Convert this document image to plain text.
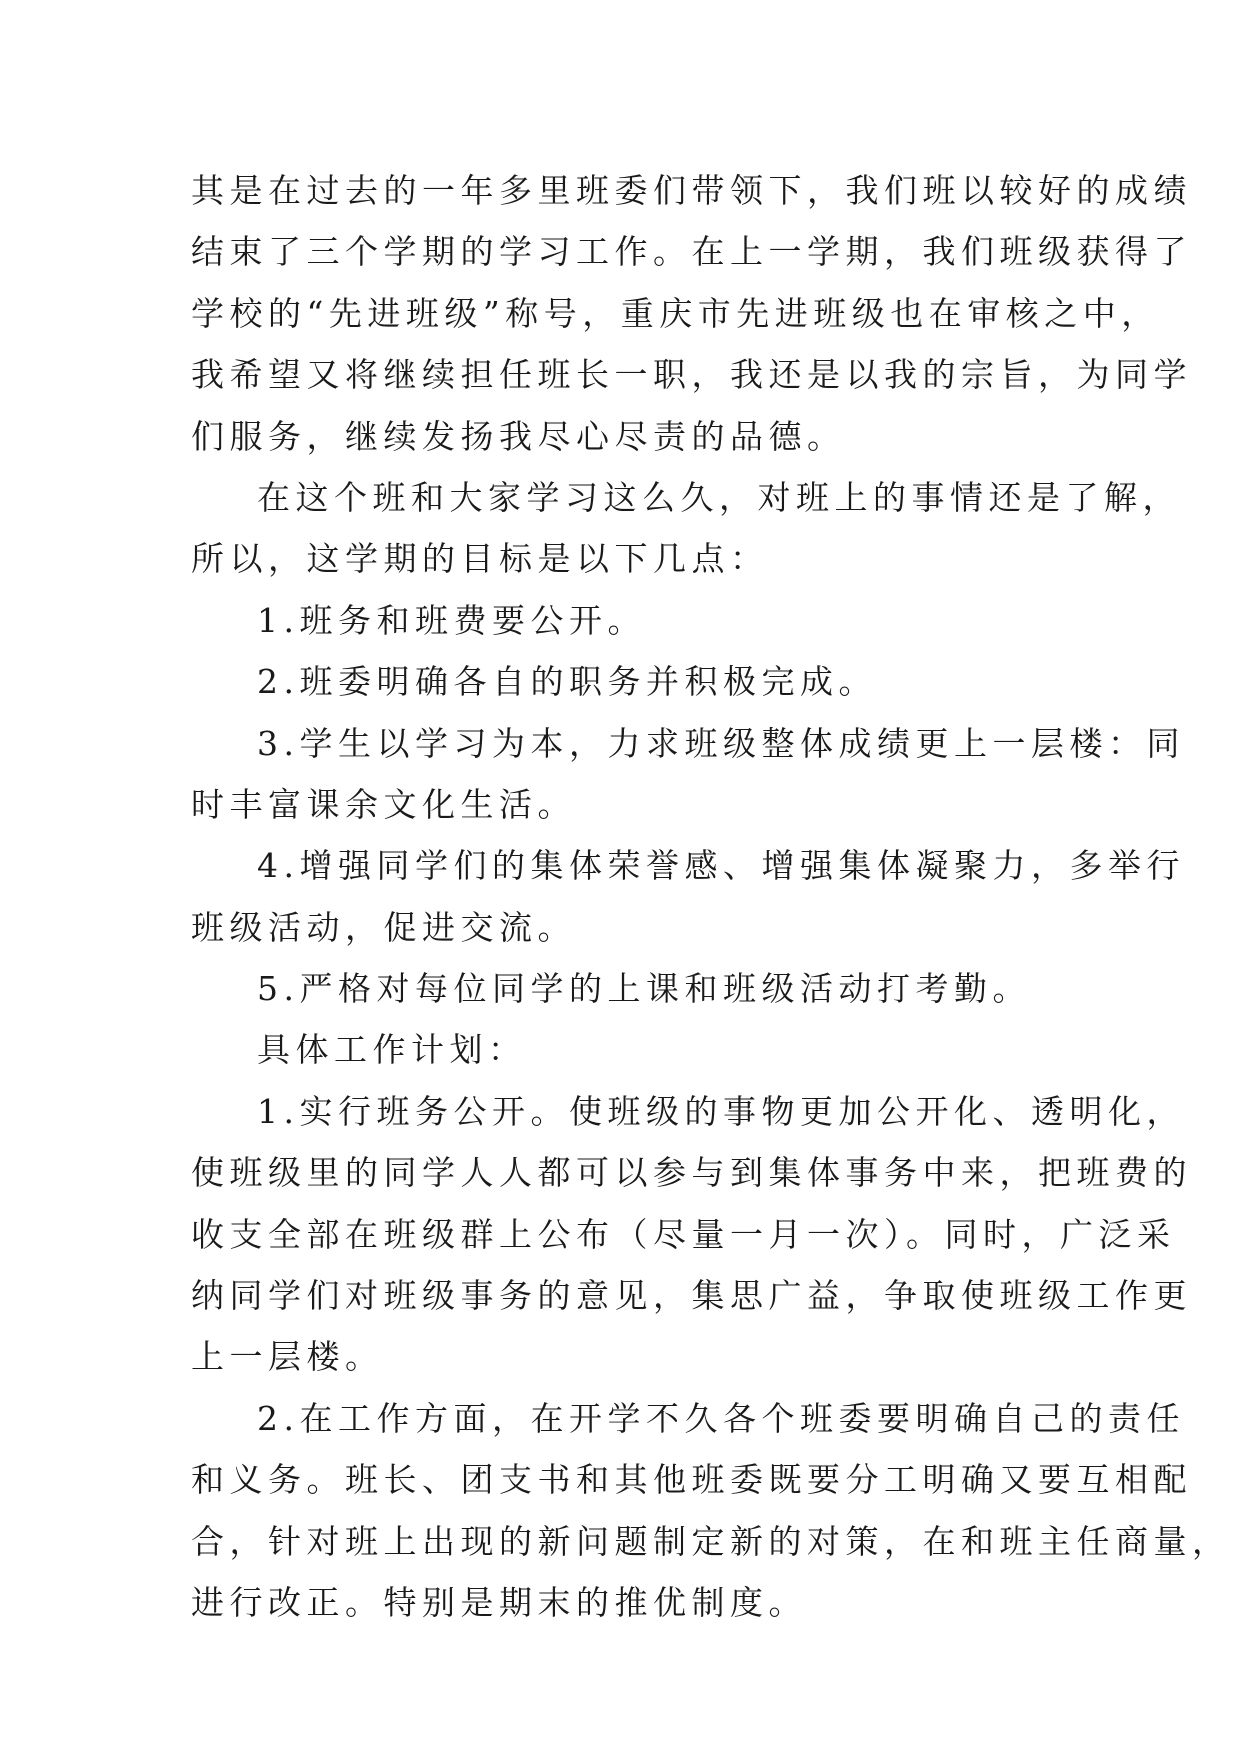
其是在过去的一年多里班委们带领下，我们班以较好的成绩
结束了三个学期的学习工作。在上一学期，我们班级获得了
学校的“先进班级”称号，重庆市先进班级也在审核之中，
我希望又将继续担任班长一职，我还是以我的宗旨，为同学
们服务，继续发扬我尽心尽责的品德。
在这个班和大家学习这么久，对班上的事情还是了解，
所以，这学期的目标是以下几点：
1.班务和班费要公开。
2.班委明确各自的职务并积极完成。
3.学生以学习为本，力求班级整体成绩更上一层楼：同
时丰富课余文化生活。
4.增强同学们的集体荣誉感、增强集体凝聚力，多举行
班级活动，促进交流。
5.严格对每位同学的上课和班级活动打考勤。
具体工作计划：
1.实行班务公开。使班级的事物更加公开化、透明化，
使班级里的同学人人都可以参与到集体事务中来，把班费的
收支全部在班级群上公布（尽量一月一次）。同时，广泛采
纳同学们对班级事务的意见，集思广益，争取使班级工作更
上一层楼。
2.在工作方面，在开学不久各个班委要明确自己的责任
和义务。班长、团支书和其他班委既要分工明确又要互相配
合，针对班上出现的新问题制定新的对策，在和班主任商量，
进行改正。特别是期末的推优制度。
